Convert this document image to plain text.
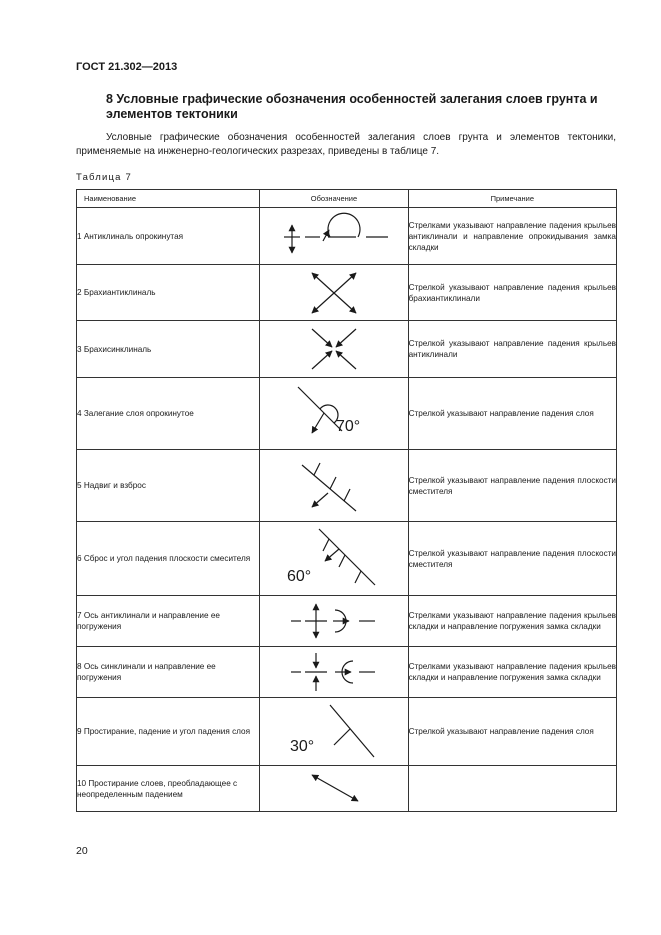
ГОСТ 21.302—2013
8 Условные графические обозначения особенностей залегания слоев грунта и элементов тектоники
Условные графические обозначения особенностей залегания слоев грунта и элементов тектоники, применяемые на инженерно-геологических разрезах, приведены в таблице 7.
Таблица 7
Наименование	Обозначение	Примечание
1 Антиклиналь опрокинутая		Стрелками указывают направление падения крыльев антиклинали и направление опрокидывания замка складки
2 Брахиантиклиналь		Стрелкой указывают направление падения крыльев брахиантиклинали
3 Брахисинклиналь		Стрелкой указывают направление падения крыльев антиклинали
4 Залегание слоя опрокинутое	70°	Стрелкой указывают направление падения слоя
5 Надвиг и взброс		Стрелкой указывают направление падения плоскости сместителя
6 Сброс и угол падения плоскости смесителя	60°	Стрелкой указывают направление падения плоскости сместителя
7 Ось антиклинали и направление ее погружения		Стрелками указывают направление падения крыльев складки и направление погружения замка складки
8 Ось синклинали и направление ее погружения		Стрелками указывают направление падения крыльев складки и направление погружения замка складки
9 Простирание, падение и угол падения слоя	30°	Стрелкой указывают направление падения слоя
10 Простирание слоев, преобладающее с неопределенным падением	

20
